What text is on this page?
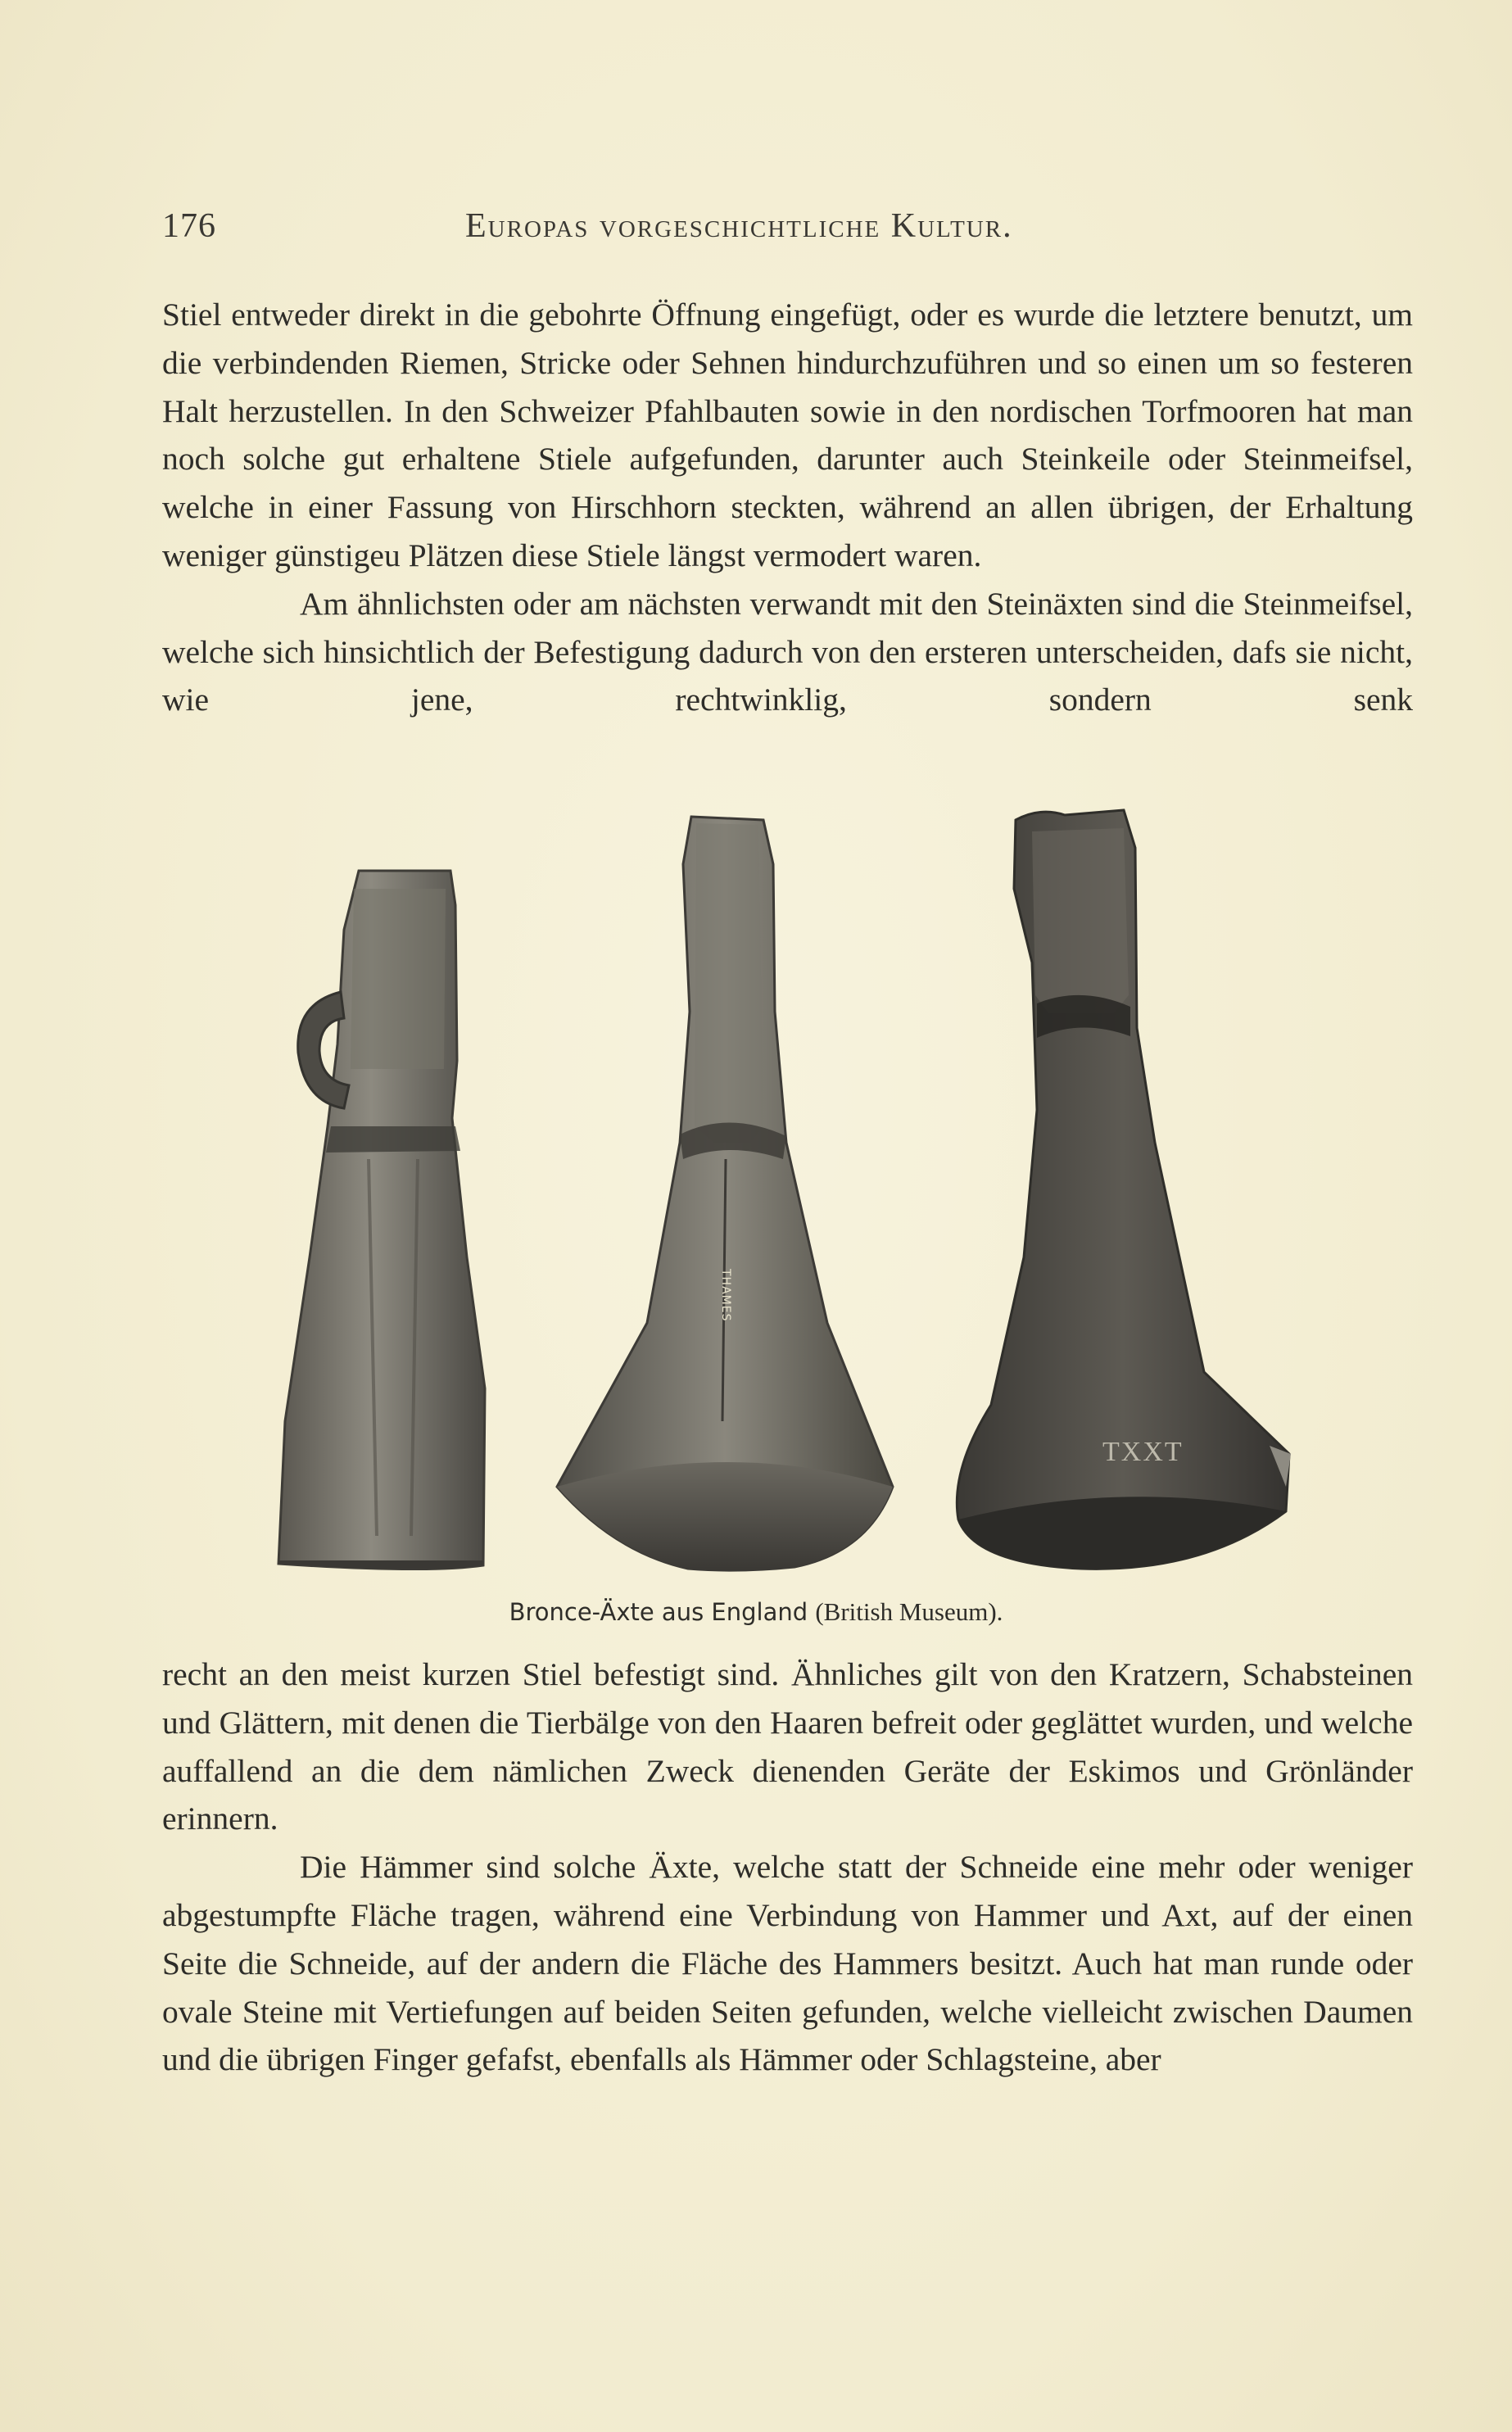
176	Europas vorgeschichtliche Kultur.

Stiel entweder direkt in die gebohrte Öffnung eingefügt, oder es wurde die letztere benutzt, um die verbindenden Riemen, Stricke oder Sehnen hindurchzuführen und so einen um so festeren Halt herzustellen. In den Schweizer Pfahlbauten sowie in den nordischen Torfmooren hat man noch solche gut erhaltene Stiele aufgefunden, darunter auch Steinkeile oder Steinmeifsel, welche in einer Fassung von Hirschhorn steckten, während an allen übrigen, der Erhaltung weniger günstigeu Plätzen diese Stiele längst vermodert waren.

Am ähnlichsten oder am nächsten verwandt mit den Steinäxten sind die Steinmeifsel, welche sich hinsichtlich der Befestigung dadurch von den ersteren unterscheiden, dafs sie nicht, wie jene, rechtwinklig, sondern senk

THAMES
TXXT
Bronce-Äxte aus England (British Museum).

recht an den meist kurzen Stiel befestigt sind. Ähnliches gilt von den Kratzern, Schabsteinen und Glättern, mit denen die Tierbälge von den Haaren befreit oder geglättet wurden, und welche auffallend an die dem nämlichen Zweck dienenden Geräte der Eskimos und Grönländer erinnern.

Die Hämmer sind solche Äxte, welche statt der Schneide eine mehr oder weniger abgestumpfte Fläche tragen, während eine Verbindung von Hammer und Axt, auf der einen Seite die Schneide, auf der andern die Fläche des Hammers besitzt. Auch hat man runde oder ovale Steine mit Vertiefungen auf beiden Seiten gefunden, welche vielleicht zwischen Daumen und die übrigen Finger gefafst, ebenfalls als Hämmer oder Schlagsteine, aber
